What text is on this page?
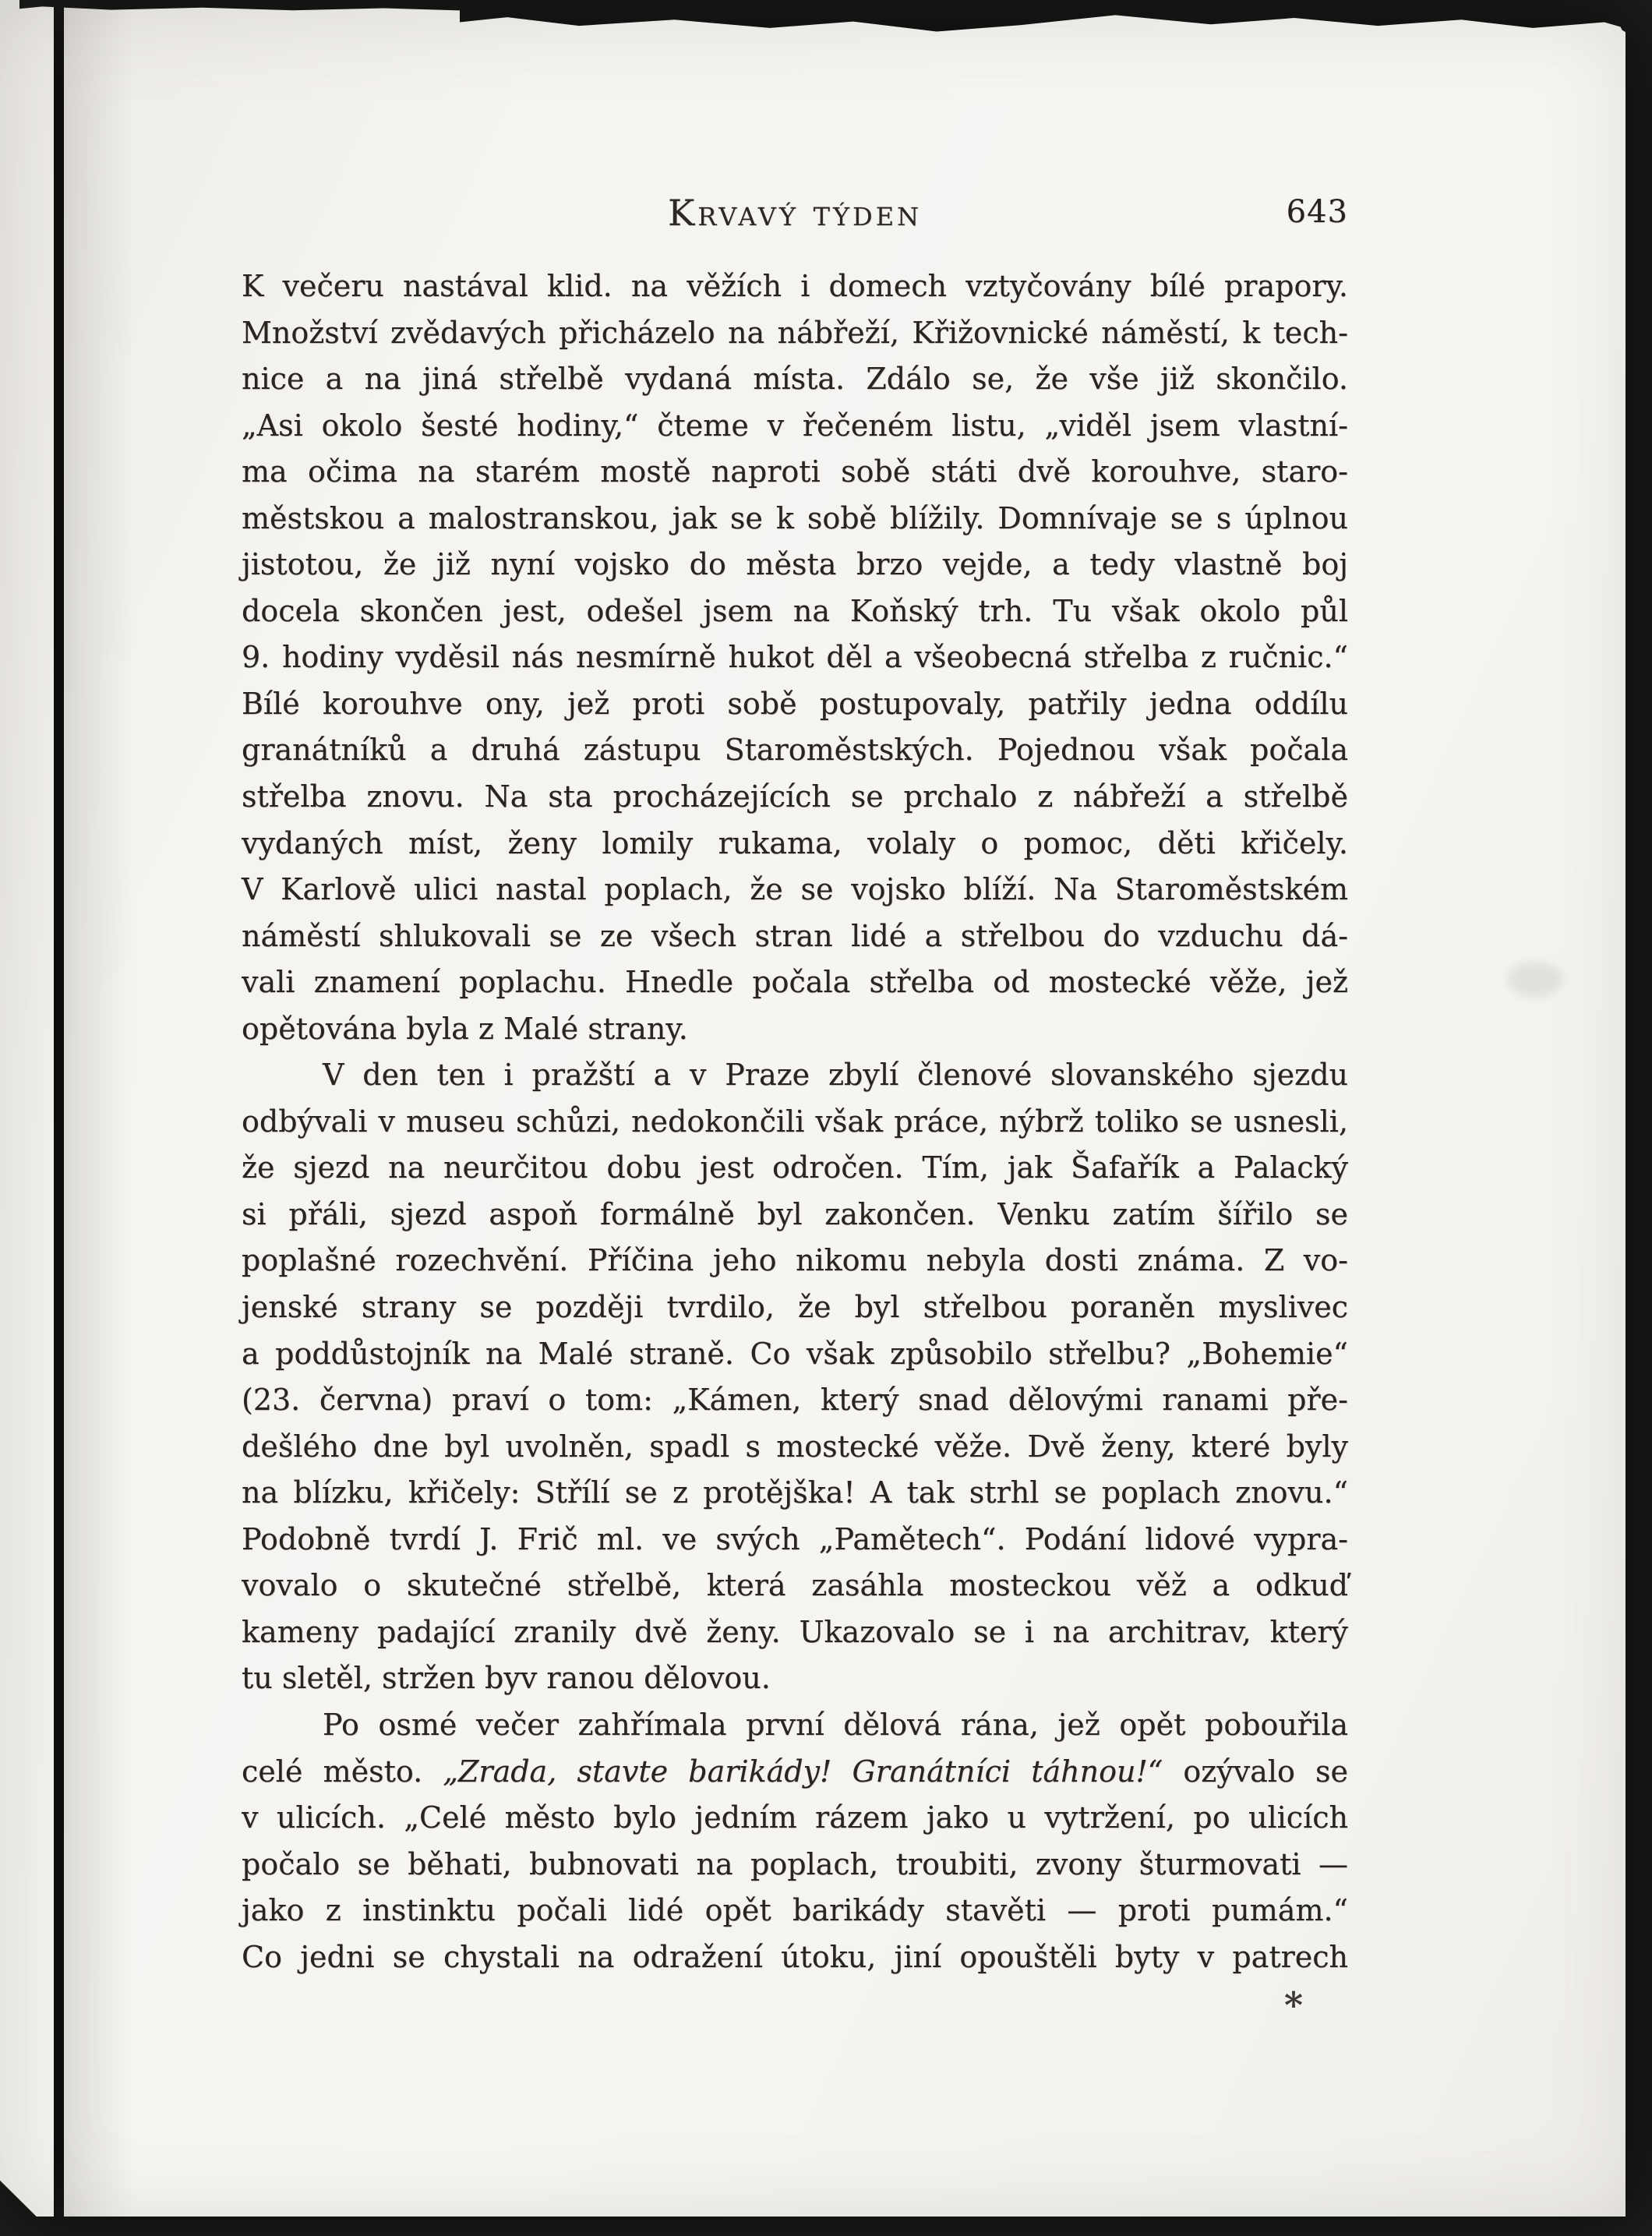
Krvavý týden	643
K večeru nastával klid. na věžích i domech vztyčovány bílé prapory.
Množství zvědavých přicházelo na nábřeží, Křižovnické náměstí, k tech-
nice a na jiná střelbě vydaná místa. Zdálo se, že vše již skončilo.
„Asi okolo šesté hodiny,“ čteme v řečeném listu, „viděl jsem vlastní-
ma očima na starém mostě naproti sobě státi dvě korouhve, staro-
městskou a malostranskou, jak se k sobě blížily. Domnívaje se s úplnou
jistotou, že již nyní vojsko do města brzo vejde, a tedy vlastně boj
docela skončen jest, odešel jsem na Koňský trh. Tu však okolo půl
9. hodiny vyděsil nás nesmírně hukot děl a všeobecná střelba z ručnic.“
Bílé korouhve ony, jež proti sobě postupovaly, patřily jedna oddílu
granátníků a druhá zástupu Staroměstských. Pojednou však počala
střelba znovu. Na sta procházejících se prchalo z nábřeží a střelbě
vydaných míst, ženy lomily rukama, volaly o pomoc, děti křičely.
V Karlově ulici nastal poplach, že se vojsko blíží. Na Staroměstském
náměstí shlukovali se ze všech stran lidé a střelbou do vzduchu dá-
vali znamení poplachu. Hnedle počala střelba od mostecké věže, jež
opětována byla z Malé strany.
V den ten i pražští a v Praze zbylí členové slovanského sjezdu
odbývali v museu schůzi, nedokončili však práce, nýbrž toliko se usnesli,
že sjezd na neurčitou dobu jest odročen. Tím, jak Šafařík a Palacký
si přáli, sjezd aspoň formálně byl zakončen. Venku zatím šířilo se
poplašné rozechvění. Příčina jeho nikomu nebyla dosti známa. Z vo-
jenské strany se později tvrdilo, že byl střelbou poraněn myslivec
a poddůstojník na Malé straně. Co však způsobilo střelbu? „Bohemie“
(23. června) praví o tom: „Kámen, který snad dělovými ranami pře-
dešlého dne byl uvolněn, spadl s mostecké věže. Dvě ženy, které byly
na blízku, křičely: Střílí se z protějška! A tak strhl se poplach znovu.“
Podobně tvrdí J. Frič ml. ve svých „Pamětech“. Podání lidové vypra-
vovalo o skutečné střelbě, která zasáhla mosteckou věž a odkuď
kameny padající zranily dvě ženy. Ukazovalo se i na architrav, který
tu sletěl, stržen byv ranou dělovou.
Po osmé večer zahřímala první dělová rána, jež opět pobouřila
celé město. „Zrada, stavte barikády! Granátníci táhnou!“ ozývalo se
v ulicích. „Celé město bylo jedním rázem jako u vytržení, po ulicích
počalo se běhati, bubnovati na poplach, troubiti, zvony šturmovati —
jako z instinktu počali lidé opět barikády stavěti — proti pumám.“
Co jedni se chystali na odražení útoku, jiní opouštěli byty v patrech
*
